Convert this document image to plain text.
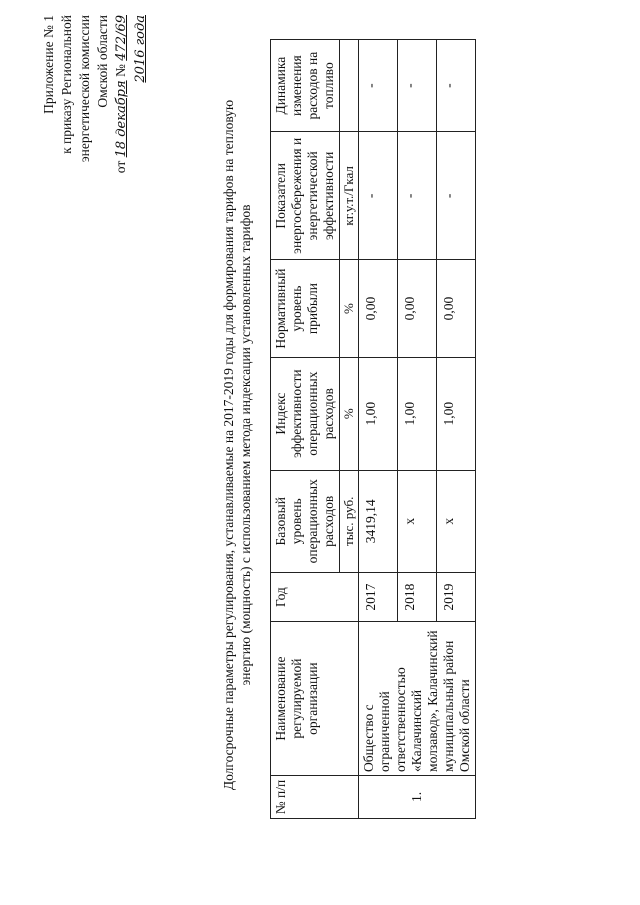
Приложение № 1 к приказу Региональной энергетической комиссии Омской области
от 18 декабря № 472/69 2016 года
Долгосрочные параметры регулирования, устанавливаемые на 2017-2019 годы для формирования тарифов на тепловую энергию (мощность) с использованием метода индексации установленных тарифов
№ п/п	Наименование регулируемой организации	Год	Базовый уровень операционных расходов	Индекс эффективности операционных расходов	Нормативный уровень прибыли	Показатели энергосбережения и энергетической эффективности	Динамика изменения расходов на топливо
			тыс. руб.	%	%	кг.у.т./Гкал	
1.	Общество с ограниченной ответственностью «Калачинский молзавод», Калачинский муниципальный район Омской области	2017	3419,14	1,00	0,00	-	-
		2018	x	1,00	0,00	-	-
		2019	x	1,00	0,00	-	-
